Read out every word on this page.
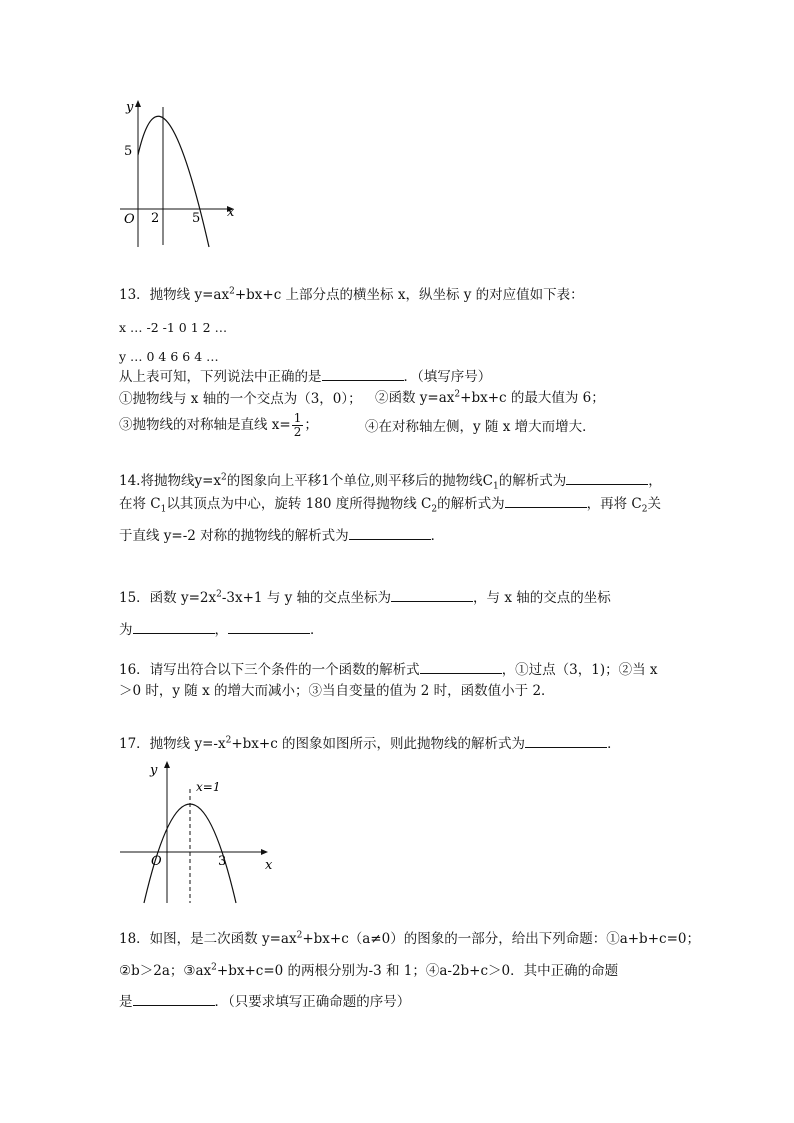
y
x
O
5
2	5
13．抛物线 $y=ax^2+bx+c$ 上部分点的横坐标 x，纵坐标 y 的对应值如下表：
x … -2 -1 0 1 2 …
y … 0 4 6 6 4 …
从上表可知，下列说法中正确的是	．（填写序号）
①抛物线与 x 轴的一个交点为（3，0）； ②函数 $y=ax^2+bx+c$ 的最大值为 6；
③抛物线的对称轴是直线 $x= \frac{1}{2}$ ；	④在对称轴左侧，y 随 x 增大而增大．
14.将抛物线$y=x^2$的图象向上平移1个单位,则平移后的抛物线$C_1$的解析式为	，
在将 $C_1$以其顶点为中心，旋转 180 度所得抛物线 $C_2$的解析式为	，再将 $C_2$关
于直线 y=-2 对称的抛物线的解析式为	．
15．函数 $y=2x^2-3x+1$ 与 y 轴的交点坐标为	，与 x 轴的交点的坐标
为	，	．
16．请写出符合以下三个条件的一个函数的解析式	，①过点（3，1)；②当 x
＞0 时，y 随 x 的增大而减小；③当自变量的值为 2 时，函数值小于 2．
17．抛物线 $y=-x^2+bx+c$ 的图象如图所示，则此抛物线的解析式为	．
y
x
O
x=1
3
18．如图，是二次函数 $y=ax^2+bx+c(a\ne 0)$的图象的一部分，给出下列命题：①a+b+c=0；
②b＞2a；$③ax^2+bx+c=0$ 的两根分别为-3 和 1；④a-2b+c＞0．其中正确的命题
是	．（只要求填写正确命题的序号）
